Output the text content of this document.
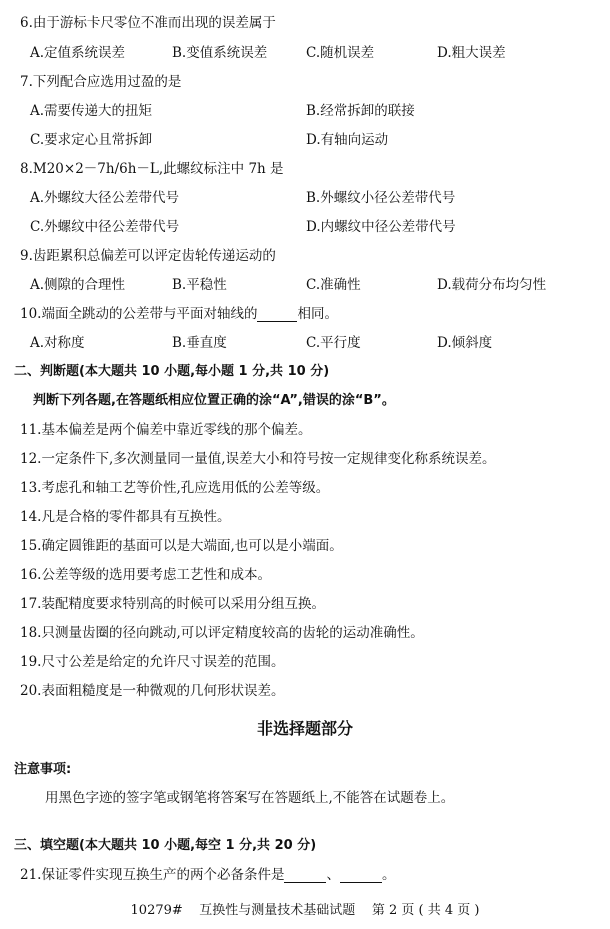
6.由于游标卡尺零位不准而出现的误差属于
A.定值系统误差	B.变值系统误差	C.随机误差	D.粗大误差
7.下列配合应选用过盈的是
A.需要传递大的扭矩	B.经常拆卸的联接
C.要求定心且常拆卸	D.有轴向运动
8.M20×2－7h/6h－L,此螺纹标注中 7h 是
A.外螺纹大径公差带代号	B.外螺纹小径公差带代号
C.外螺纹中径公差带代号	D.内螺纹中径公差带代号
9.齿距累积总偏差可以评定齿轮传递运动的
A.侧隙的合理性	B.平稳性	C.准确性	D.载荷分布均匀性
10.端面全跳动的公差带与平面对轴线的	相同。
A.对称度	B.垂直度	C.平行度	D.倾斜度
二、判断题(本大题共 10 小题,每小题 1 分,共 10 分)
判断下列各题,在答题纸相应位置正确的涂“A”,错误的涂“B”。
11.基本偏差是两个偏差中靠近零线的那个偏差。
12.一定条件下,多次测量同一量值,误差大小和符号按一定规律变化称系统误差。
13.考虑孔和轴工艺等价性,孔应选用低的公差等级。
14.凡是合格的零件都具有互换性。
15.确定圆锥距的基面可以是大端面,也可以是小端面。
16.公差等级的选用要考虑工艺性和成本。
17.装配精度要求特别高的时候可以采用分组互换。
18.只测量齿圈的径向跳动,可以评定精度较高的齿轮的运动准确性。
19.尺寸公差是给定的允许尺寸误差的范围。
20.表面粗糙度是一种微观的几何形状误差。
非选择题部分
注意事项:
用黑色字迹的签字笔或钢笔将答案写在答题纸上,不能答在试题卷上。
三、填空题(本大题共 10 小题,每空 1 分,共 20 分)
21.保证零件实现互换生产的两个必备条件是	、	。
10279#    互换性与测量技术基础试题    第 2 页 ( 共 4 页 )
